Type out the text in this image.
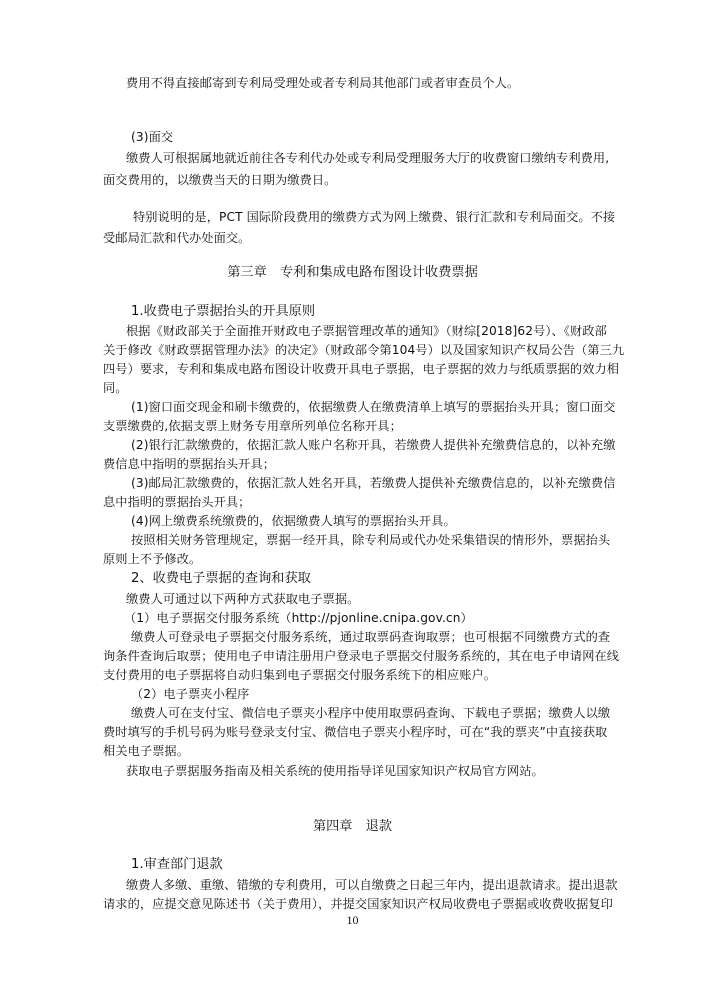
费用不得直接邮寄到专利局受理处或者专利局其他部门或者审查员个人。
(3)面交
缴费人可根据属地就近前往各专利代办处或专利局受理服务大厅的收费窗口缴纳专利费用,
面交费用的，以缴费当天的日期为缴费日。
特别说明的是，PCT 国际阶段费用的缴费方式为网上缴费、银行汇款和专利局面交。不接
受邮局汇款和代办处面交。
第三章　专利和集成电路布图设计收费票据
1.收费电子票据抬头的开具原则
根据《财政部关于全面推开财政电子票据管理改革的通知》（财综[2018]62号）、《财政部
关于修改《财政票据管理办法》的决定》（财政部令第104号）以及国家知识产权局公告（第三九
四号）要求，专利和集成电路布图设计收费开具电子票据，电子票据的效力与纸质票据的效力相
同。
(1)窗口面交现金和刷卡缴费的，依据缴费人在缴费清单上填写的票据抬头开具；窗口面交
支票缴费的,依据支票上财务专用章所列单位名称开具；
(2)银行汇款缴费的，依据汇款人账户名称开具，若缴费人提供补充缴费信息的，以补充缴
费信息中指明的票据抬头开具；
(3)邮局汇款缴费的，依据汇款人姓名开具，若缴费人提供补充缴费信息的，以补充缴费信
息中指明的票据抬头开具；
(4)网上缴费系统缴费的，依据缴费人填写的票据抬头开具。
按照相关财务管理规定，票据一经开具，除专利局或代办处采集错误的情形外，票据抬头
原则上不予修改。
2、收费电子票据的查询和获取
缴费人可通过以下两种方式获取电子票据。
（1）电子票据交付服务系统（http://pjonline.cnipa.gov.cn）
缴费人可登录电子票据交付服务系统，通过取票码查询取票；也可根据不同缴费方式的查
询条件查询后取票；使用电子申请注册用户登录电子票据交付服务系统的，其在电子申请网在线
支付费用的电子票据将自动归集到电子票据交付服务系统下的相应账户。
（2）电子票夹小程序
缴费人可在支付宝、微信电子票夹小程序中使用取票码查询、下载电子票据；缴费人以缴
费时填写的手机号码为账号登录支付宝、微信电子票夹小程序时，可在“我的票夹”中直接获取
相关电子票据。
获取电子票据服务指南及相关系统的使用指导详见国家知识产权局官方网站。
第四章　退款
1.审查部门退款
缴费人多缴、重缴、错缴的专利费用，可以自缴费之日起三年内，提出退款请求。提出退款
请求的，应提交意见陈述书（关于费用），并提交国家知识产权局收费电子票据或收费收据复印
10
